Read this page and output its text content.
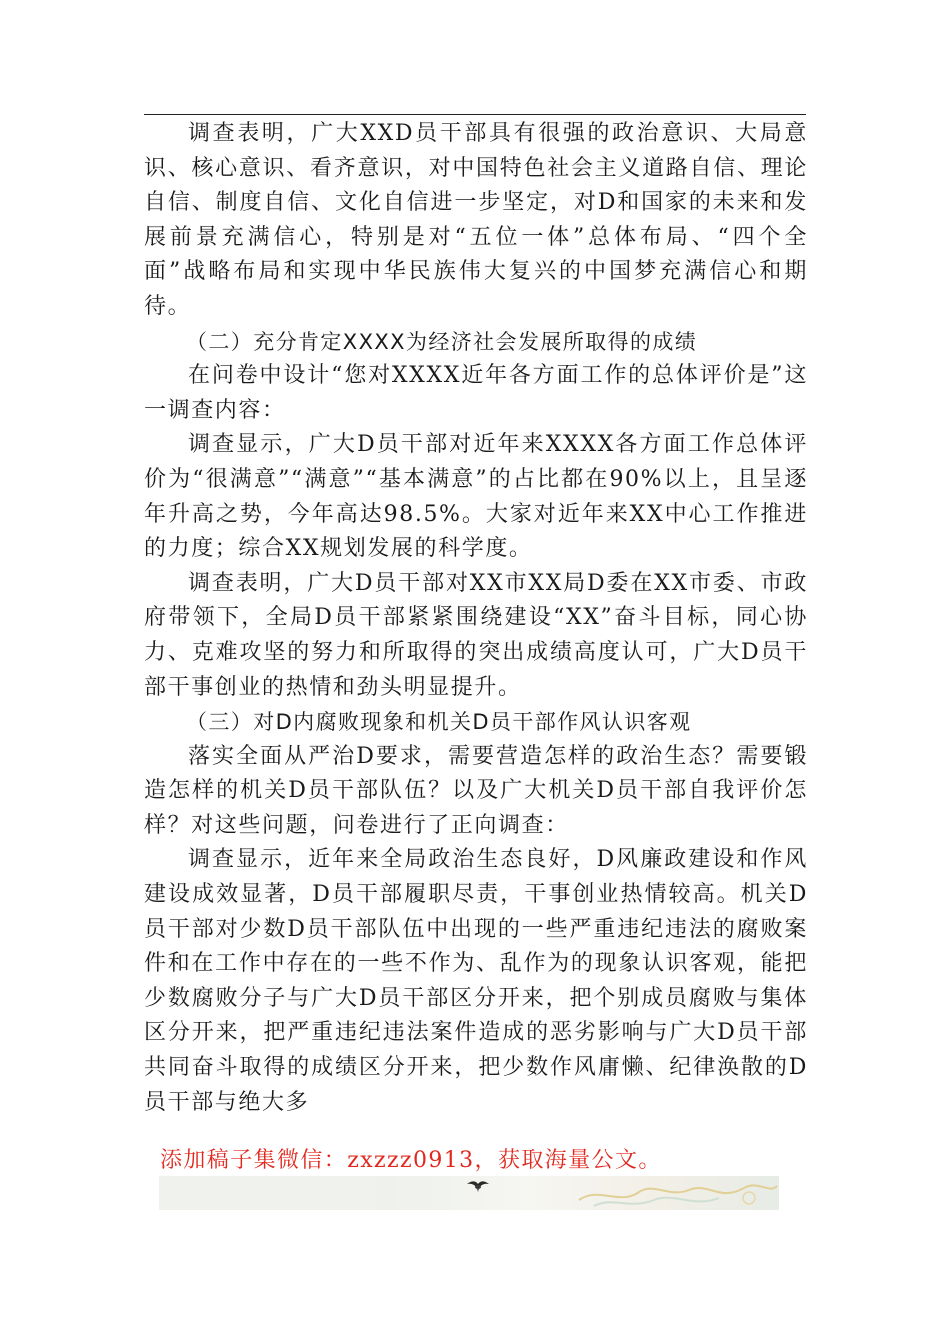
调查表明，广大XXD员干部具有很强的政治意识、大局意识、核心意识、看齐意识，对中国特色社会主义道路自信、理论自信、制度自信、文化自信进一步坚定，对D和国家的未来和发展前景充满信心，特别是对“五位一体”总体布局、“四个全面”战略布局和实现中华民族伟大复兴的中国梦充满信心和期待。

（二）充分肯定XXXX为经济社会发展所取得的成绩

在问卷中设计“您对XXXX近年各方面工作的总体评价是”这一调查内容：

调查显示，广大D员干部对近年来XXXX各方面工作总体评价为“很满意”“满意”“基本满意”的占比都在90%以上，且呈逐年升高之势，今年高达98.5%。大家对近年来XX中心工作推进的力度；综合XX规划发展的科学度。

调查表明，广大D员干部对XX市XX局D委在XX市委、市政府带领下，全局D员干部紧紧围绕建设“XX”奋斗目标，同心协力、克难攻坚的努力和所取得的突出成绩高度认可，广大D员干部干事创业的热情和劲头明显提升。

（三）对D内腐败现象和机关D员干部作风认识客观

落实全面从严治D要求，需要营造怎样的政治生态？需要锻造怎样的机关D员干部队伍？以及广大机关D员干部自我评价怎样？对这些问题，问卷进行了正向调查：

调查显示，近年来全局政治生态良好，D风廉政建设和作风建设成效显著，D员干部履职尽责，干事创业热情较高。机关D员干部对少数D员干部队伍中出现的一些严重违纪违法的腐败案件和在工作中存在的一些不作为、乱作为的现象认识客观，能把少数腐败分子与广大D员干部区分开来，把个别成员腐败与集体区分开来，把严重违纪违法案件造成的恶劣影响与广大D员干部共同奋斗取得的成绩区分开来，把少数作风庸懒、纪律涣散的D员干部与绝大多

添加稿子集微信：zxzzz0913，获取海量公文。
